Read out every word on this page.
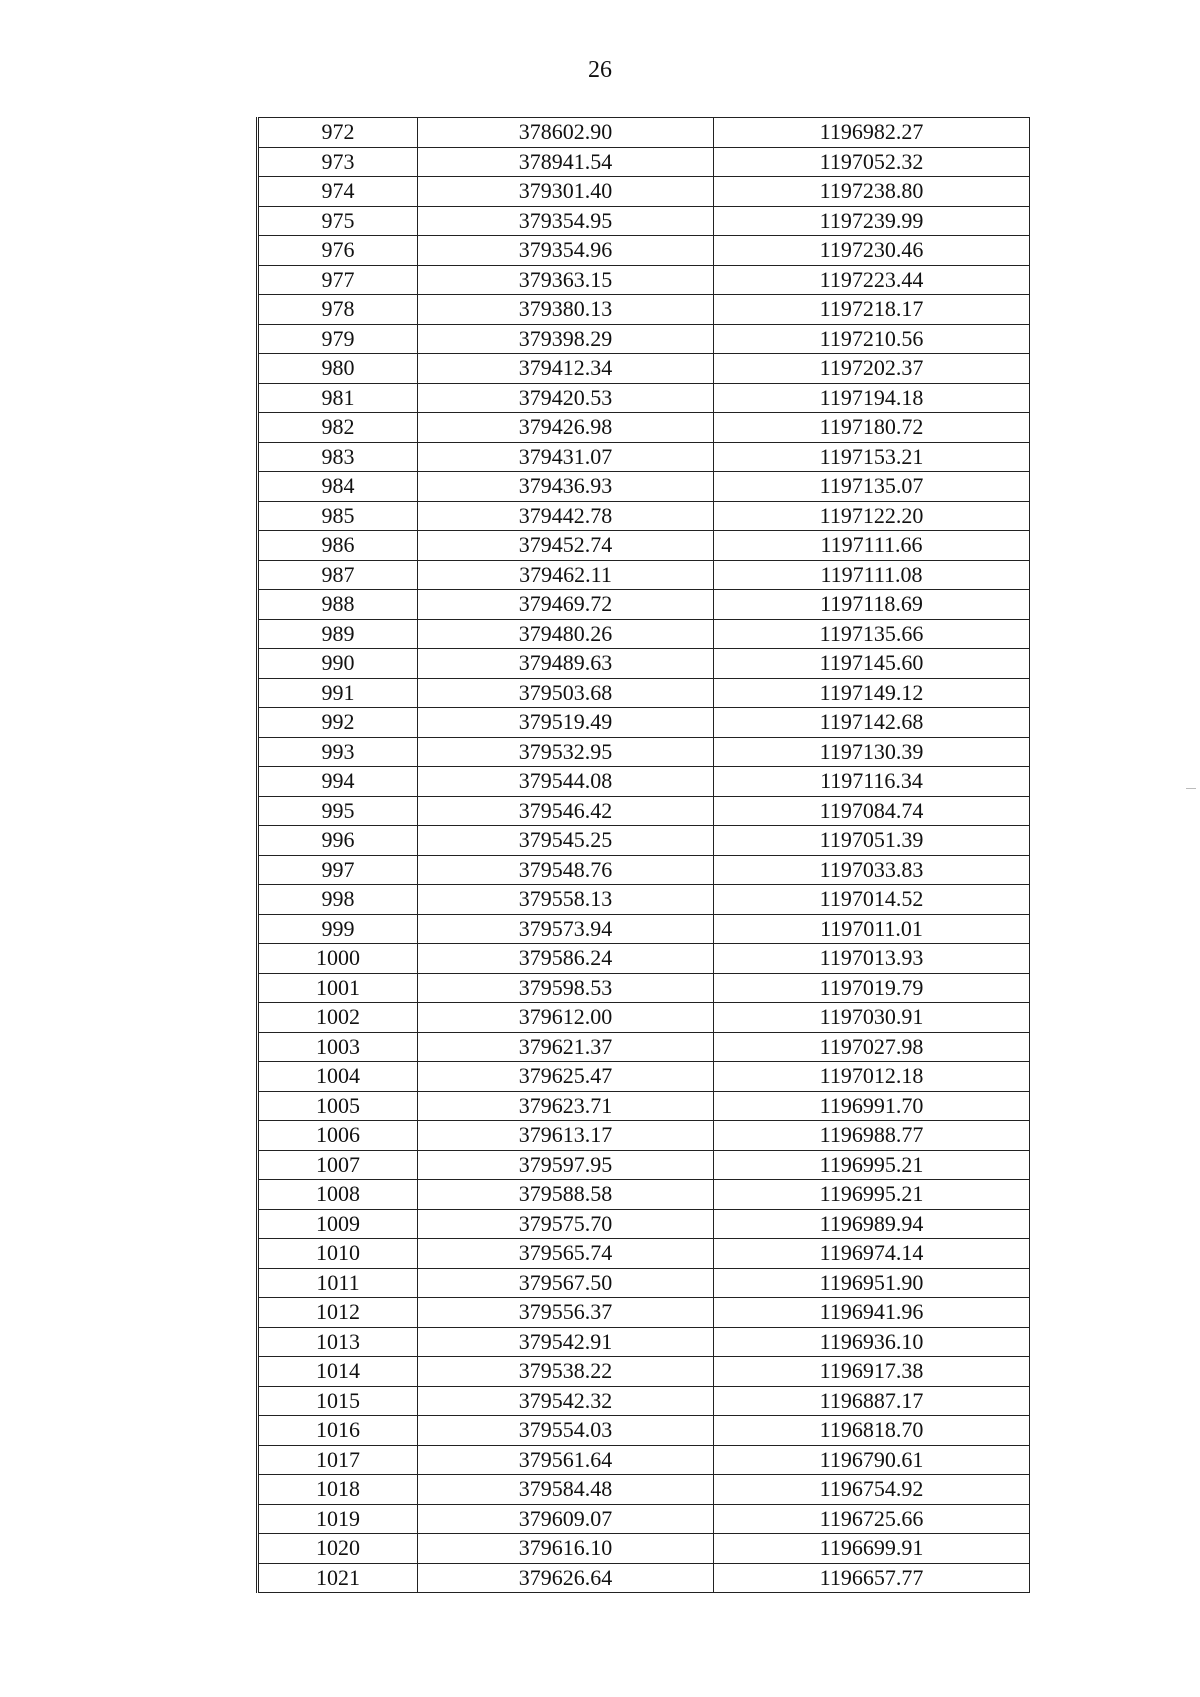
26
972	378602.90	1196982.27
973	378941.54	1197052.32
974	379301.40	1197238.80
975	379354.95	1197239.99
976	379354.96	1197230.46
977	379363.15	1197223.44
978	379380.13	1197218.17
979	379398.29	1197210.56
980	379412.34	1197202.37
981	379420.53	1197194.18
982	379426.98	1197180.72
983	379431.07	1197153.21
984	379436.93	1197135.07
985	379442.78	1197122.20
986	379452.74	1197111.66
987	379462.11	1197111.08
988	379469.72	1197118.69
989	379480.26	1197135.66
990	379489.63	1197145.60
991	379503.68	1197149.12
992	379519.49	1197142.68
993	379532.95	1197130.39
994	379544.08	1197116.34
995	379546.42	1197084.74
996	379545.25	1197051.39
997	379548.76	1197033.83
998	379558.13	1197014.52
999	379573.94	1197011.01
1000	379586.24	1197013.93
1001	379598.53	1197019.79
1002	379612.00	1197030.91
1003	379621.37	1197027.98
1004	379625.47	1197012.18
1005	379623.71	1196991.70
1006	379613.17	1196988.77
1007	379597.95	1196995.21
1008	379588.58	1196995.21
1009	379575.70	1196989.94
1010	379565.74	1196974.14
1011	379567.50	1196951.90
1012	379556.37	1196941.96
1013	379542.91	1196936.10
1014	379538.22	1196917.38
1015	379542.32	1196887.17
1016	379554.03	1196818.70
1017	379561.64	1196790.61
1018	379584.48	1196754.92
1019	379609.07	1196725.66
1020	379616.10	1196699.91
1021	379626.64	1196657.77
